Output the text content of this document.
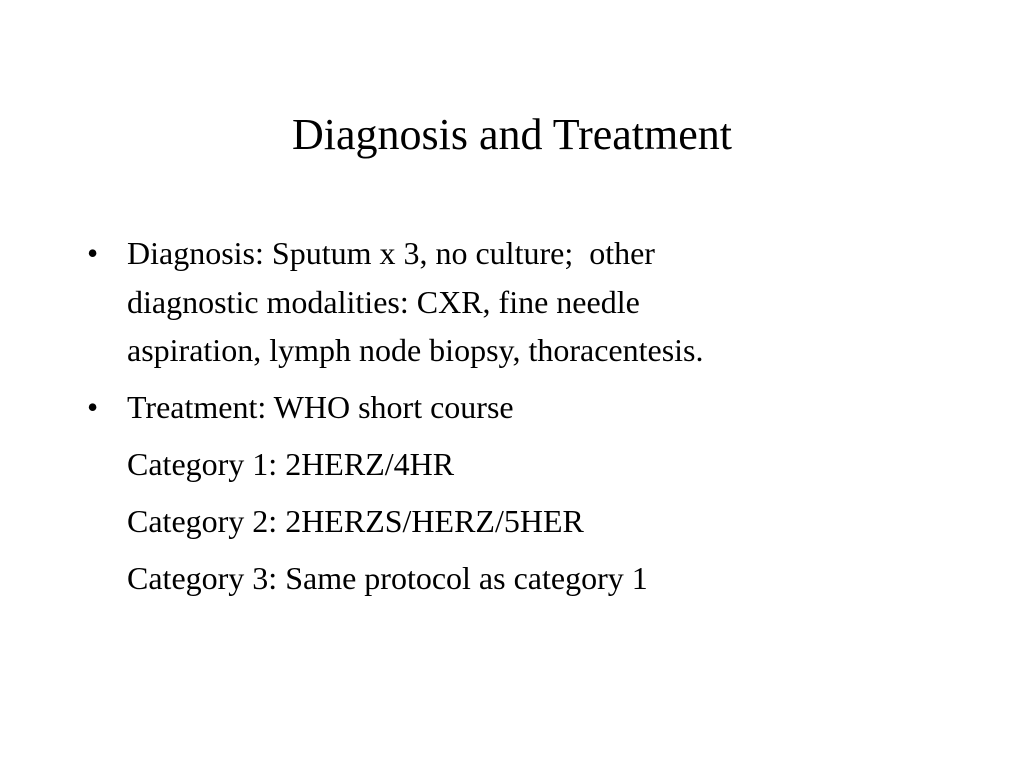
Diagnosis and Treatment
• Diagnosis: Sputum x 3, no culture;  other
diagnostic modalities: CXR, fine needle
aspiration, lymph node biopsy, thoracentesis.
• Treatment: WHO short course
Category 1: 2HERZ/4HR
Category 2: 2HERZS/HERZ/5HER
Category 3: Same protocol as category 1
